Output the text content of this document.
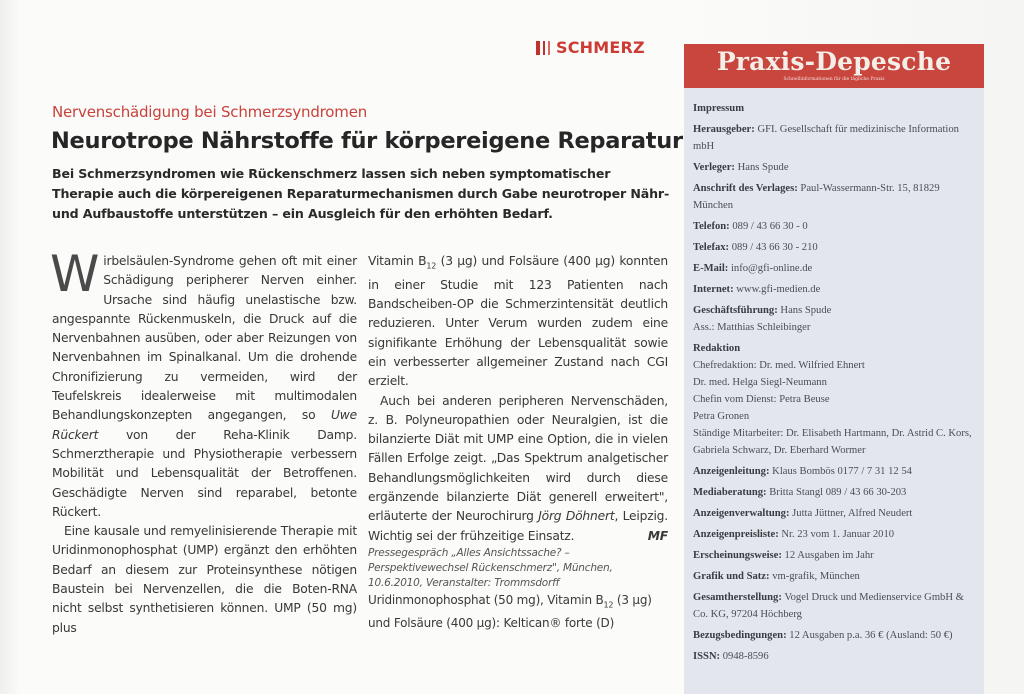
SCHMERZ
Nervenschädigung bei Schmerzsyndromen
Neurotrope Nährstoffe für körpereigene Reparatur
Bei Schmerzsyndromen wie Rückenschmerz lassen sich neben symptomatischer Therapie auch die körpereigenen Reparaturmechanismen durch Gabe neurotroper Nähr- und Aufbaustoffe unterstützen – ein Ausgleich für den erhöhten Bedarf.

Wirbelsäulen-Syndrome gehen oft mit einer Schädigung peripherer Nerven einher. Ursache sind häufig unelastische bzw. angespannte Rückenmuskeln, die Druck auf die Nervenbahnen ausüben, oder aber Reizungen von Nervenbahnen im Spinalkanal. Um die drohende Chronifizierung zu vermeiden, wird der Teufelskreis idealerweise mit multimodalen Behandlungskonzepten angegangen, so Uwe Rückert von der Reha-Klinik Damp. Schmerztherapie und Physiotherapie verbessern Mobilität und Lebensqualität der Betroffenen. Geschädigte Nerven sind reparabel, betonte Rückert.

Eine kausale und remyelinisierende Therapie mit Uridinmonophosphat (UMP) ergänzt den erhöhten Bedarf an diesem zur Proteinsynthese nötigen Baustein bei Nervenzellen, die die Boten-RNA nicht selbst synthetisieren können. UMP (50 mg) plus

Vitamin $B_{12}$ (3 µg) und Folsäure (400 µg) konnten in einer Studie mit 123 Patienten nach Bandscheiben-OP die Schmerzintensität deutlich reduzieren. Unter Verum wurden zudem eine signifikante Erhöhung der Lebensqualität sowie ein verbesserter allgemeiner Zustand nach CGI erzielt.

Auch bei anderen peripheren Nervenschäden, z. B. Polyneuropathien oder Neuralgien, ist die bilanzierte Diät mit UMP eine Option, die in vielen Fällen Erfolge zeigt. „Das Spektrum analgetischer Behandlungsmöglichkeiten wird durch diese ergänzende bilanzierte Diät generell erweitert", erläuterte der Neurochirurg Jörg Döhnert, Leipzig. Wichtig sei der frühzeitige Einsatz.	MF

Pressegespräch „Alles Ansichtssache? – Perspektivewechsel Rückenschmerz", München, 10.6.2010, Veranstalter: Trommsdorff

Uridinmonophosphat (50 mg), Vitamin $B_{12}$ (3 µg) und Folsäure (400 µg): Keltican® forte (D)

Praxis-Depesche
Schnellinformationen für die tägliche Praxis
Impressum
Herausgeber: GFI. Gesellschaft für medizinische Information mbH
Verleger: Hans Spude
Anschrift des Verlages: Paul-Wassermann-Str. 15, 81829 München
Telefon: 089 / 43 66 30 - 0
Telefax: 089 / 43 66 30 - 210
E-Mail: info@gfi-online.de
Internet: www.gfi-medien.de
Geschäftsführung: Hans Spude
Ass.: Matthias Schleibinger
Redaktion
Chefredaktion: Dr. med. Wilfried Ehnert
Dr. med. Helga Siegl-Neumann
Chefin vom Dienst: Petra Beuse
Petra Gronen
Ständige Mitarbeiter: Dr. Elisabeth Hartmann, Dr. Astrid C. Kors, Gabriela Schwarz, Dr. Eberhard Wormer
Anzeigenleitung: Klaus Bombös 0177 / 7 31 12 54
Mediaberatung: Britta Stangl 089 / 43 66 30-203
Anzeigenverwaltung: Jutta Jüttner, Alfred Neudert
Anzeigenpreisliste: Nr. 23 vom 1. Januar 2010
Erscheinungsweise: 12 Ausgaben im Jahr
Grafik und Satz: vm-grafik, München
Gesamtherstellung: Vogel Druck und Medienservice GmbH & Co. KG, 97204 Höchberg
Bezugsbedingungen: 12 Ausgaben p.a. 36 € (Ausland: 50 €)
ISSN: 0948-8596
